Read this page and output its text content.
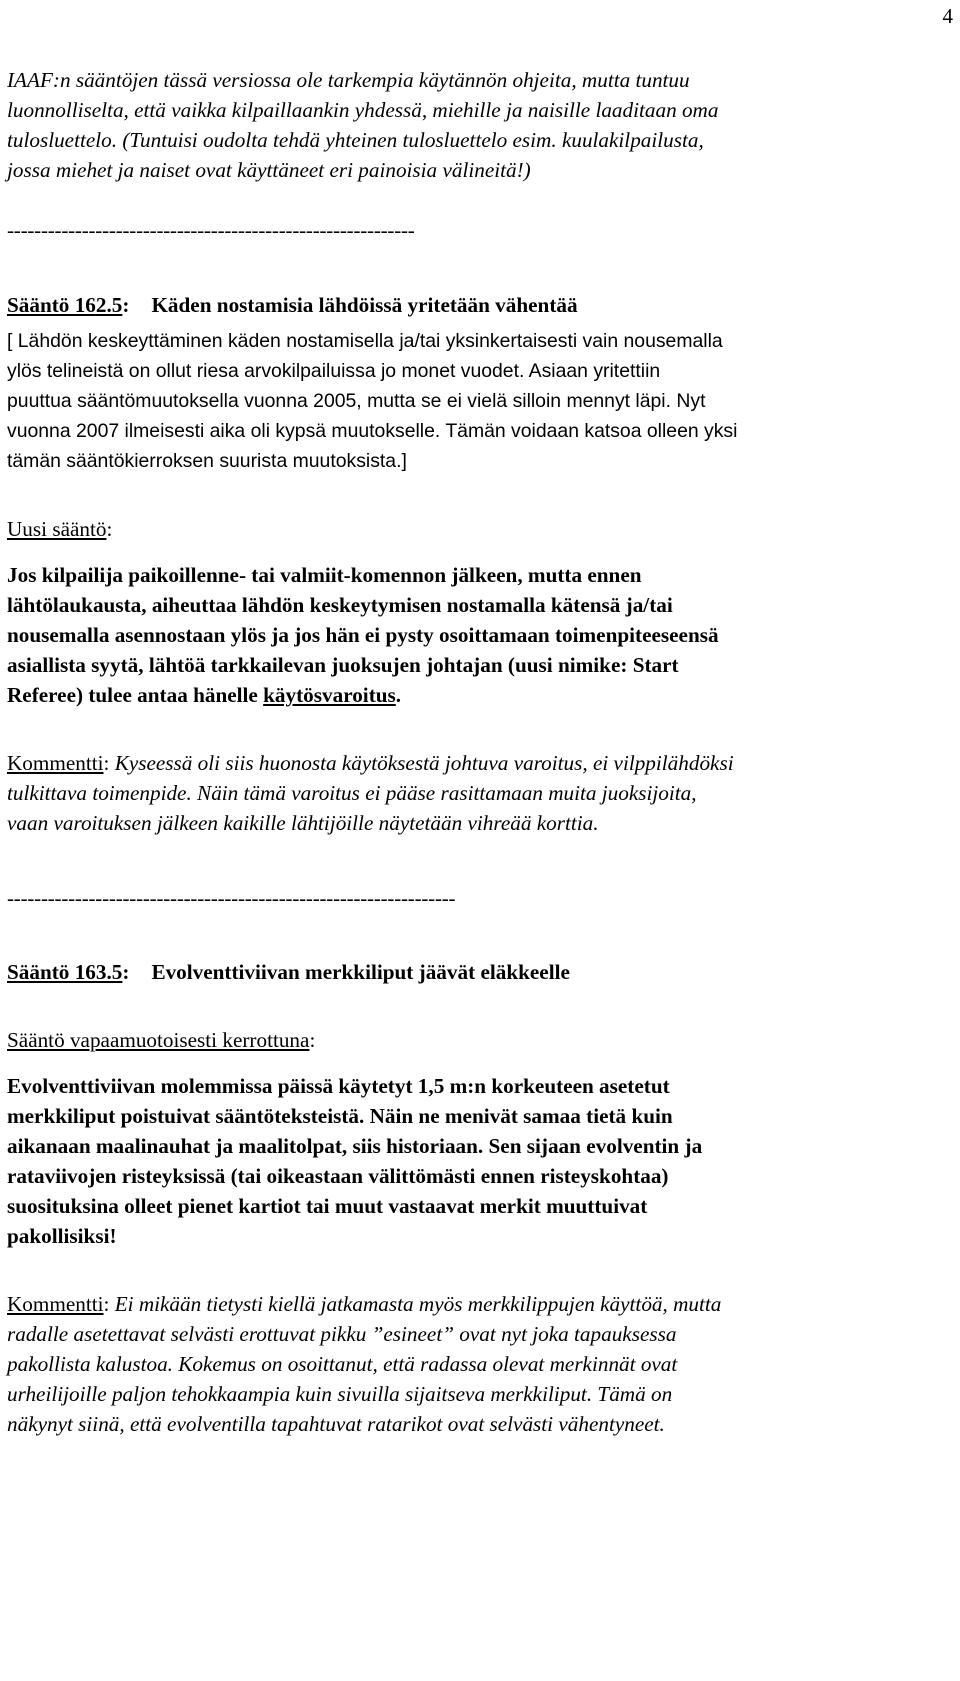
4

IAAF:n sääntöjen tässä versiossa ole tarkempia käytännön ohjeita, mutta tuntuu
luonnolliselta, että vaikka kilpaillaankin yhdessä, miehille ja naisille laaditaan oma
tulosluettelo. (Tuntuisi oudolta tehdä yhteinen tulosluettelo esim. kuulakilpailusta,
jossa miehet ja naiset ovat käyttäneet eri painoisia välineitä!)

------------------------------------------------------------

Sääntö 162.5: Käden nostamisia lähdöissä yritetään vähentää

[ Lähdön keskeyttäminen käden nostamisella ja/tai yksinkertaisesti vain nousemalla
ylös telineistä on ollut riesa arvokilpailuissa jo monet vuodet. Asiaan yritettiin
puuttua sääntömuutoksella vuonna 2005, mutta se ei vielä silloin mennyt läpi. Nyt
vuonna 2007 ilmeisesti aika oli kypsä muutokselle. Tämän voidaan katsoa olleen yksi
tämän sääntökierroksen suurista muutoksista.]

Uusi sääntö:

Jos kilpailija paikoillenne- tai valmiit-komennon jälkeen, mutta ennen
lähtölaukausta, aiheuttaa lähdön keskeytymisen nostamalla kätensä ja/tai
nousemalla asennostaan ylös ja jos hän ei pysty osoittamaan toimenpiteeseensä
asiallista syytä, lähtöä tarkkailevan juoksujen johtajan (uusi nimike: Start
Referee) tulee antaa hänelle käytösvaroitus.

Kommentti: Kyseessä oli siis huonosta käytöksestä johtuva varoitus, ei vilppilähdöksi
tulkittava toimenpide. Näin tämä varoitus ei pääse rasittamaan muita juoksijoita,
vaan varoituksen jälkeen kaikille lähtijöille näytetään vihreää korttia.

------------------------------------------------------------------

Sääntö 163.5: Evolventtiviivan merkkiliput jäävät eläkkeelle

Sääntö vapaamuotoisesti kerrottuna:

Evolventtiviivan molemmissa päissä käytetyt 1,5 m:n korkeuteen asetetut
merkkiliput poistuivat sääntöteksteistä. Näin ne menivät samaa tietä kuin
aikanaan maalinauhat ja maalitolpat, siis historiaan. Sen sijaan evolventin ja
rataviivojen risteyksissä (tai oikeastaan välittömästi ennen risteyskohtaa)
suosituksina olleet pienet kartiot tai muut vastaavat merkit muuttuivat
pakollisiksi!

Kommentti: Ei mikään tietysti kiellä jatkamasta myös merkkilippujen käyttöä, mutta
radalle asetettavat selvästi erottuvat pikku ”esineet” ovat nyt joka tapauksessa
pakollista kalustoa. Kokemus on osoittanut, että radassa olevat merkinnät ovat
urheilijoille paljon tehokkaampia kuin sivuilla sijaitseva merkkiliput. Tämä on
näkynyt siinä, että evolventilla tapahtuvat ratarikot ovat selvästi vähentyneet.
